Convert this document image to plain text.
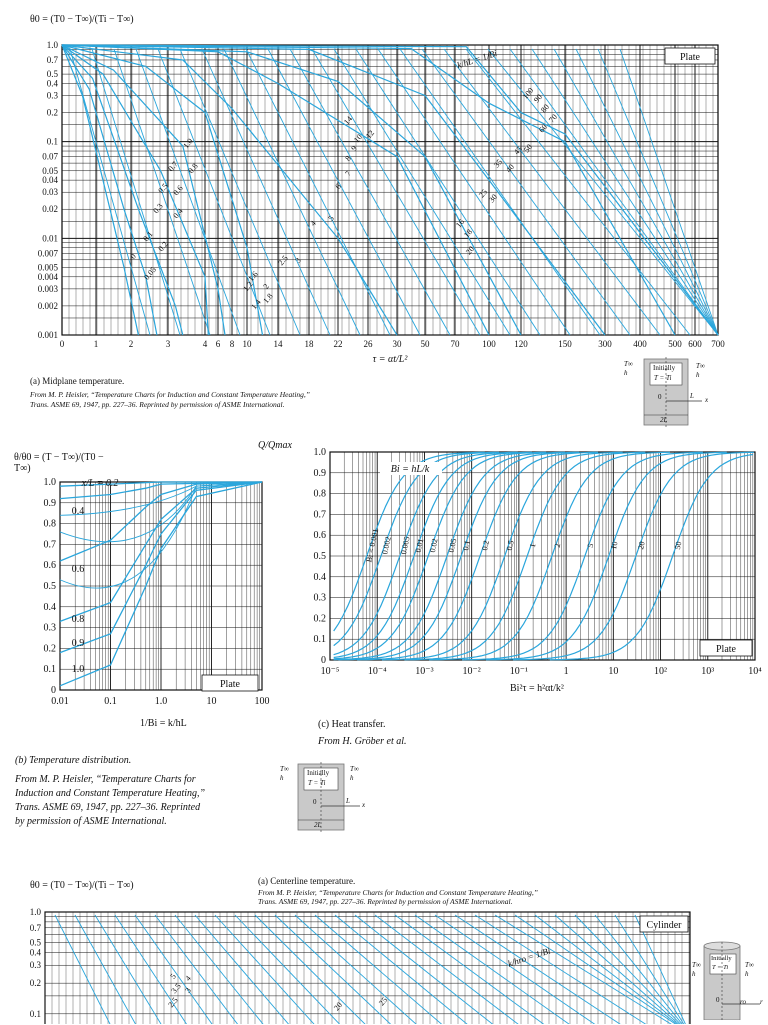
θ0 = (T0 − T∞)/(Ti − T∞)
0	1	2	3	4 6 8 10 14 18 22 26 30 50 70	100 120	150	300 400 500 600 700
1.0
0.7
0.5
0.4
0.3
0.2
0.1
0.07
0.05
0.04
0.03
0.02
0.01
0.007
0.005
0.004
0.003
0.002
0.001
0
0.05
0.1
0.2
0.3 0.4
0.5 0.6
0.7 0.8
1.0
1.2
1.4
1.6
1.8
2
2.5 3
4
5
6
7
8
9
10 12
14
16
18
20
25
30
35 40
45
50
60
70
80
90
100
Plate
k/hL = 1/Bi
τ = αt/L²
(a) Midplane temperature.
From M. P. Heisler, “Temperature Charts for Induction and Constant Temperature Heating,”
Trans. ASME 69, 1947, pp. 227–36. Reprinted by permission of ASME International.
T∞
h
T∞
h
Initially
T = Ti
0	L x
2L
θ/θ0 = (T − T∞)/(T0 − T∞)
0
0.1
0.2
0.3
0.4
0.5
0.6
0.7
0.8
0.9
1.0
0.01	0.1	1.0	10	100
x/L = 0.2
0.4
0.6
0.8
0.9
1.0
Plate
1/Bi = k/hL
(b) Temperature distribution.
From M. P. Heisler, “Temperature Charts for
Induction and Constant Temperature Heating,”
Trans. ASME 69, 1947, pp. 227–36. Reprinted
by permission of ASME International.
Q/Qmax
0
0.1
0.2
0.3
0.4
0.5
0.6
0.7
0.8
0.9
1.0
10⁻⁵	10⁻⁴	10⁻³	10⁻²	10⁻¹	1	10	10²	10³	10⁴
Bi = 0.001 0.002 0.005 0.01 0.02 0.05 0.1 0.2 0.5 1 2	5 10 20	50
Bi = hL/k
Plate
Bi²τ = h²αt/k²
(c) Heat transfer.
From H. Gröber et al.
T∞
h
T∞
h
Initially
T = Ti
0	L x
2L
(a) Centerline temperature.
From M. P. Heisler, “Temperature Charts for Induction and Constant Temperature Heating,”
Trans. ASME 69, 1947, pp. 227–36. Reprinted by permission of ASME International.
θ0 = (T0 − T∞)/(Ti − T∞)
1.0
0.7
0.5
0.4
0.3
0.2
0.1
5 4
3.5 3
2.5	20	25
Cylinder
k/hro = 1/Bi	T∞
h
T∞
h
Initially
T = Ti
0	ro r
